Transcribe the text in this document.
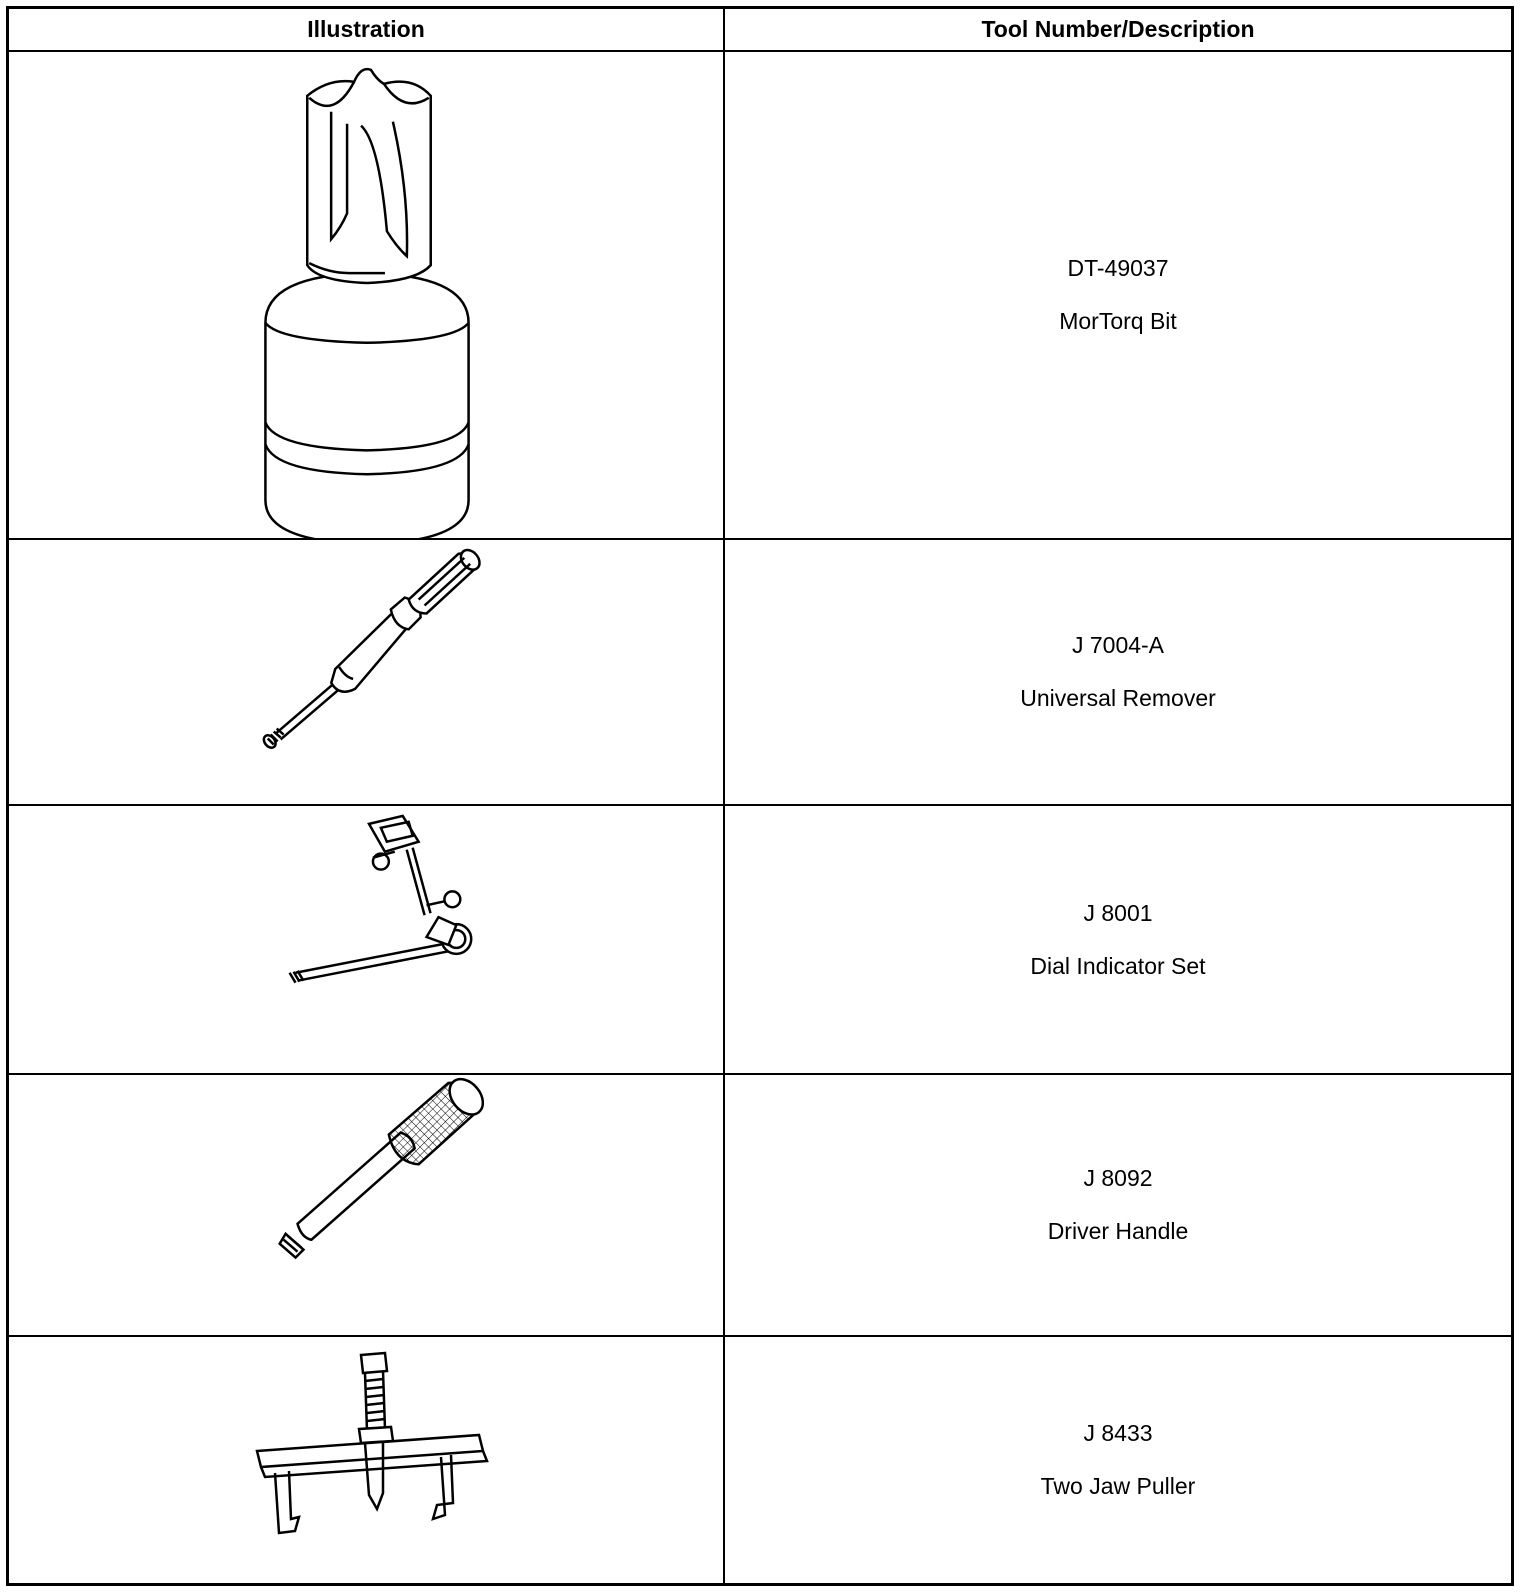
Illustration	Tool Number/Description
DT-49037
MorTorq Bit
J 7004-A
Universal Remover
J 8001
Dial Indicator Set
J 8092
Driver Handle
J 8433
Two Jaw Puller
